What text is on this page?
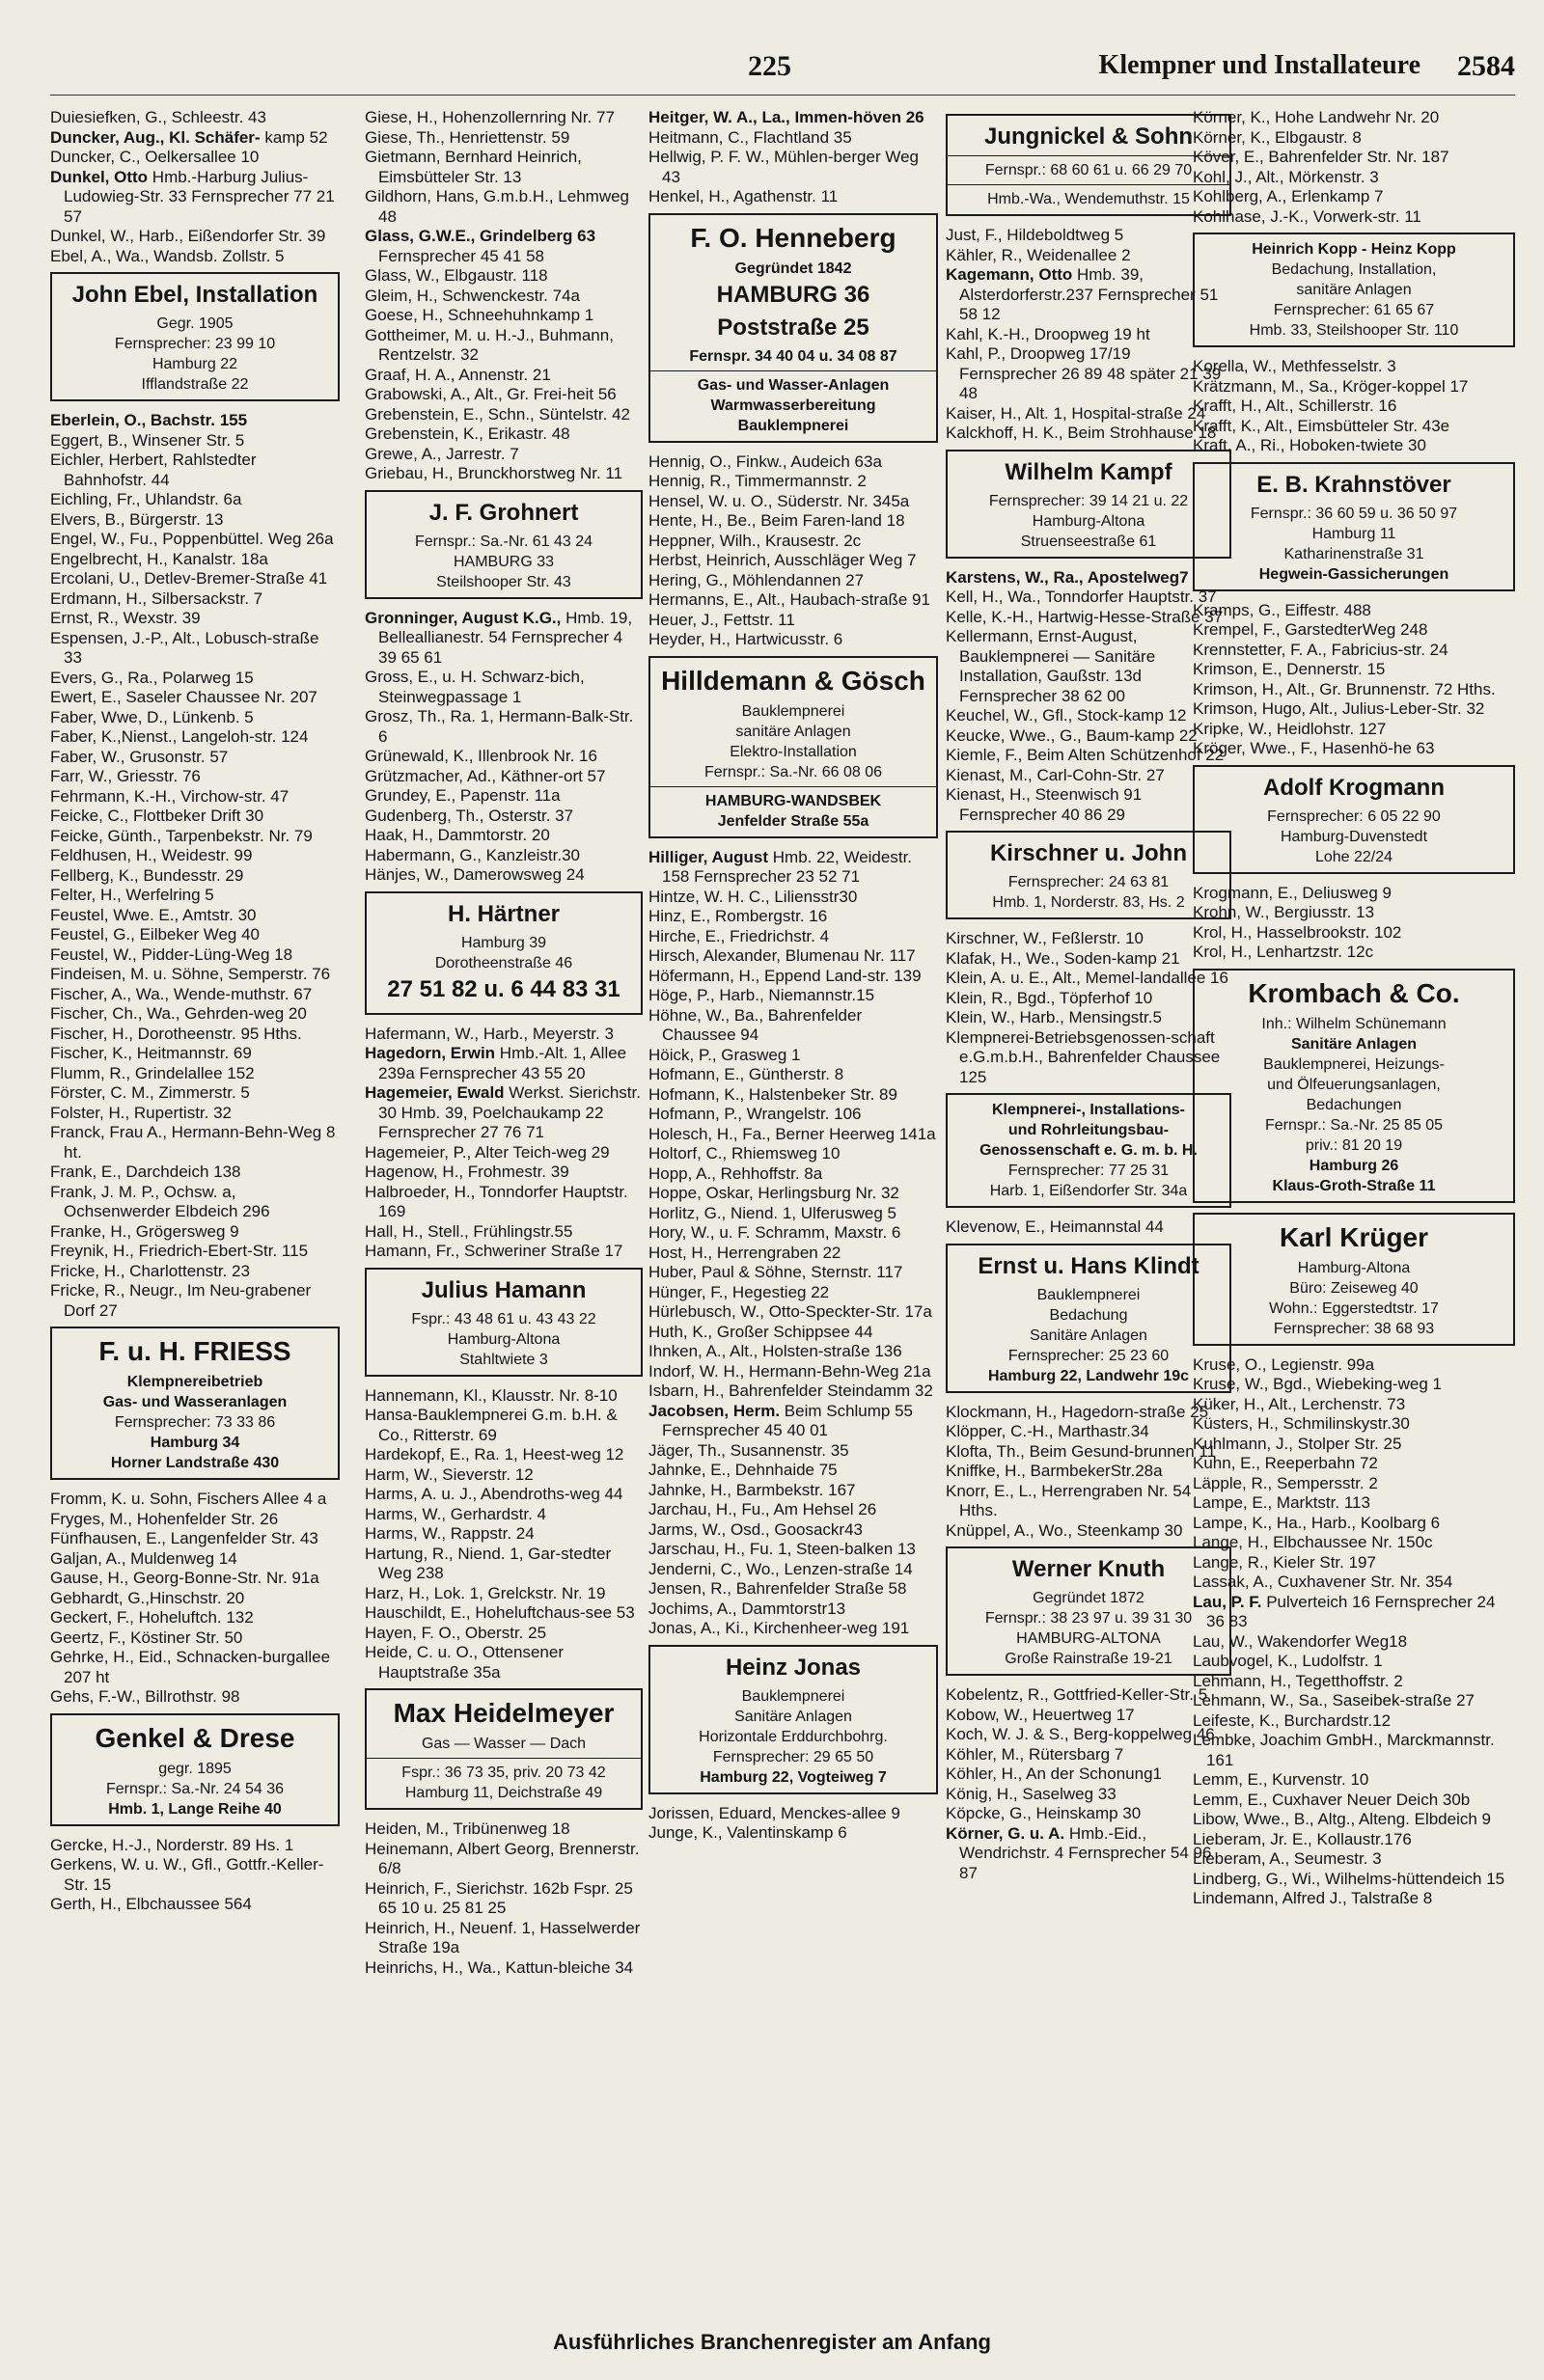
225	Klempner und Installateure 2584

Duiesiefken, G., Schleestr. 43

Duncker, Aug., Kl. Schäfer- kamp 52

Duncker, C., Oelkersallee 10

Dunkel, Otto Hmb.-Harburg Julius-Ludowieg-Str. 33 Fernsprecher 77 21 57

Dunkel, W., Harb., Eißendorfer Str. 39

Ebel, A., Wa., Wandsb. Zollstr. 5

John Ebel, Installation
Gegr. 1905
Fernsprecher: 23 99 10
Hamburg 22
Ifflandstraße 22

Eberlein, O., Bachstr. 155

Eggert, B., Winsener Str. 5

Eichler, Herbert, Rahlstedter Bahnhofstr. 44

Eichling, Fr., Uhlandstr. 6a

Elvers, B., Bürgerstr. 13

Engel, W., Fu., Poppenbüttel. Weg 26a

Engelbrecht, H., Kanalstr. 18a

Ercolani, U., Detlev-Bremer-Straße 41

Erdmann, H., Silbersackstr. 7

Ernst, R., Wexstr. 39

Espensen, J.-P., Alt., Lobusch-straße 33

Evers, G., Ra., Polarweg 15

Ewert, E., Saseler Chaussee Nr. 207

Faber, Wwe, D., Lünkenb. 5

Faber, K.,Nienst., Langeloh-str. 124

Faber, W., Grusonstr. 57

Farr, W., Griesstr. 76

Fehrmann, K.-H., Virchow-str. 47

Feicke, C., Flottbeker Drift 30

Feicke, Günth., Tarpenbekstr. Nr. 79

Feldhusen, H., Weidestr. 99

Fellberg, K., Bundesstr. 29

Felter, H., Werfelring 5

Feustel, Wwe. E., Amtstr. 30

Feustel, G., Eilbeker Weg 40

Feustel, W., Pidder-Lüng-Weg 18

Findeisen, M. u. Söhne, Semperstr. 76

Fischer, A., Wa., Wende-muthstr. 67

Fischer, Ch., Wa., Gehrden-weg 20

Fischer, H., Dorotheenstr. 95 Hths.

Fischer, K., Heitmannstr. 69

Flumm, R., Grindelallee 152

Förster, C. M., Zimmerstr. 5

Folster, H., Rupertistr. 32

Franck, Frau A., Hermann-Behn-Weg 8 ht.

Frank, E., Darchdeich 138

Frank, J. M. P., Ochsw. a, Ochsenwerder Elbdeich 296

Franke, H., Grögersweg 9

Freynik, H., Friedrich-Ebert-Str. 115

Fricke, H., Charlottenstr. 23

Fricke, R., Neugr., Im Neu-grabener Dorf 27

F. u. H. FRIESS
Klempnereibetrieb
Gas- und Wasseranlagen
Fernsprecher: 73 33 86
Hamburg 34
Horner Landstraße 430

Fromm, K. u. Sohn, Fischers Allee 4 a

Fryges, M., Hohenfelder Str. 26

Fünfhausen, E., Langenfelder Str. 43

Galjan, A., Muldenweg 14

Gause, H., Georg-Bonne-Str. Nr. 91a

Gebhardt, G.,Hinschstr. 20

Geckert, F., Hoheluftch. 132

Geertz, F., Köstiner Str. 50

Gehrke, H., Eid., Schnacken-burgallee 207 ht

Gehs, F.-W., Billrothstr. 98

Genkel & Drese
gegr. 1895
Fernspr.: Sa.-Nr. 24 54 36
Hmb. 1, Lange Reihe 40

Gercke, H.-J., Norderstr. 89 Hs. 1

Gerkens, W. u. W., Gfl., Gottfr.-Keller-Str. 15

Gerth, H., Elbchaussee 564

Giese, H., Hohenzollernring Nr. 77

Giese, Th., Henriettenstr. 59

Gietmann, Bernhard Heinrich, Eimsbütteler Str. 13

Gildhorn, Hans, G.m.b.H., Lehmweg 48

Glass, G.W.E., Grindelberg 63 Fernsprecher 45 41 58

Glass, W., Elbgaustr. 118

Gleim, H., Schwenckestr. 74a

Goese, H., Schneehuhnkamp 1

Gottheimer, M. u. H.-J., Buhmann, Rentzelstr. 32

Graaf, H. A., Annenstr. 21

Grabowski, A., Alt., Gr. Frei-heit 56

Grebenstein, E., Schn., Süntelstr. 42

Grebenstein, K., Erikastr. 48

Grewe, A., Jarrestr. 7

Griebau, H., Brunckhorstweg Nr. 11

J. F. Grohnert
Fernspr.: Sa.-Nr. 61 43 24
HAMBURG 33
Steilshooper Str. 43

Gronninger, August K.G., Hmb. 19, Belleallianestr. 54 Fernsprecher 4 39 65 61

Gross, E., u. H. Schwarz-bich, Steinwegpassage 1

Grosz, Th., Ra. 1, Hermann-Balk-Str. 6

Grünewald, K., Illenbrook Nr. 16

Grützmacher, Ad., Käthner-ort 57

Grundey, E., Papenstr. 11a

Gudenberg, Th., Osterstr. 37

Haak, H., Dammtorstr. 20

Habermann, G., Kanzleistr.30

Hänjes, W., Damerowsweg 24

H. Härtner
Hamburg 39
Dorotheenstraße 46
27 51 82 u. 6 44 83 31

Hafermann, W., Harb., Meyerstr. 3

Hagedorn, Erwin Hmb.-Alt. 1, Allee 239a Fernsprecher 43 55 20

Hagemeier, Ewald Werkst. Sierichstr. 30 Hmb. 39, Poelchaukamp 22 Fernsprecher 27 76 71

Hagemeier, P., Alter Teich-weg 29

Hagenow, H., Frohmestr. 39

Halbroeder, H., Tonndorfer Hauptstr. 169

Hall, H., Stell., Frühlingstr.55

Hamann, Fr., Schweriner Straße 17

Julius Hamann
Fspr.: 43 48 61 u. 43 43 22
Hamburg-Altona
Stahltwiete 3

Hannemann, Kl., Klausstr. Nr. 8-10

Hansa-Bauklempnerei G.m. b.H. & Co., Ritterstr. 69

Hardekopf, E., Ra. 1, Heest-weg 12

Harm, W., Sieverstr. 12

Harms, A. u. J., Abendroths-weg 44

Harms, W., Gerhardstr. 4

Harms, W., Rappstr. 24

Hartung, R., Niend. 1, Gar-stedter Weg 238

Harz, H., Lok. 1, Grelckstr. Nr. 19

Hauschildt, E., Hoheluftchaus-see 53

Hayen, F. O., Oberstr. 25

Heide, C. u. O., Ottensener Hauptstraße 35a

Max Heidelmeyer
Gas — Wasser — Dach
Fspr.: 36 73 35, priv. 20 73 42
Hamburg 11, Deichstraße 49

Heiden, M., Tribünenweg 18

Heinemann, Albert Georg, Brennerstr. 6/8

Heinrich, F., Sierichstr. 162b Fspr. 25 65 10 u. 25 81 25

Heinrich, H., Neuenf. 1, Hasselwerder Straße 19a

Heinrichs, H., Wa., Kattun-bleiche 34

Heitger, W. A., La., Immen-höven 26

Heitmann, C., Flachtland 35

Hellwig, P. F. W., Mühlen-berger Weg 43

Henkel, H., Agathenstr. 11

F. O. Henneberg
Gegründet 1842
HAMBURG 36
Poststraße 25
Fernspr. 34 40 04 u. 34 08 87
Gas- und Wasser-Anlagen
Warmwasserbereitung
Bauklempnerei

Hennig, O., Finkw., Audeich 63a

Hennig, R., Timmermannstr. 2

Hensel, W. u. O., Süderstr. Nr. 345a

Hente, H., Be., Beim Faren-land 18

Heppner, Wilh., Krausestr. 2c

Herbst, Heinrich, Ausschläger Weg 7

Hering, G., Möhlendannen 27

Hermanns, E., Alt., Haubach-straße 91

Heuer, J., Fettstr. 11

Heyder, H., Hartwicusstr. 6

Hilldemann & Gösch
Bauklempnerei
sanitäre Anlagen
Elektro-Installation
Fernspr.: Sa.-Nr. 66 08 06
HAMBURG-WANDSBEK
Jenfelder Straße 55a

Hilliger, August Hmb. 22, Weidestr. 158 Fernsprecher 23 52 71

Hintze, W. H. C., Liliensstr30

Hinz, E., Rombergstr. 16

Hirche, E., Friedrichstr. 4

Hirsch, Alexander, Blumenau Nr. 117

Höfermann, H., Eppend Land-str. 139

Höge, P., Harb., Niemannstr.15

Höhne, W., Ba., Bahrenfelder Chaussee 94

Höick, P., Grasweg 1

Hofmann, E., Güntherstr. 8

Hofmann, K., Halstenbeker Str. 89

Hofmann, P., Wrangelstr. 106

Holesch, H., Fa., Berner Heerweg 141a

Holtorf, C., Rhiemsweg 10

Hopp, A., Rehhoffstr. 8a

Hoppe, Oskar, Herlingsburg Nr. 32

Horlitz, G., Niend. 1, Ulferusweg 5

Hory, W., u. F. Schramm, Maxstr. 6

Host, H., Herrengraben 22

Huber, Paul & Söhne, Sternstr. 117

Hünger, F., Hegestieg 22

Hürlebusch, W., Otto-Speckter-Str. 17a

Huth, K., Großer Schippsee 44

Ihnken, A., Alt., Holsten-straße 136

Indorf, W. H., Hermann-Behn-Weg 21a

Isbarn, H., Bahrenfelder Steindamm 32

Jacobsen, Herm. Beim Schlump 55 Fernsprecher 45 40 01

Jäger, Th., Susannenstr. 35

Jahnke, E., Dehnhaide 75

Jahnke, H., Barmbekstr. 167

Jarchau, H., Fu., Am Hehsel 26

Jarms, W., Osd., Goosackr43

Jarschau, H., Fu. 1, Steen-balken 13

Jenderni, C., Wo., Lenzen-straße 14

Jensen, R., Bahrenfelder Straße 58

Jochims, A., Dammtorstr13

Jonas, A., Ki., Kirchenheer-weg 191

Heinz Jonas
Bauklempnerei
Sanitäre Anlagen
Horizontale Erddurchbohrg.
Fernsprecher: 29 65 50
Hamburg 22, Vogteiweg 7

Jorissen, Eduard, Menckes-allee 9

Junge, K., Valentinskamp 6

Jungnickel & Sohn
Fernspr.: 68 60 61 u. 66 29 70
Hmb.-Wa., Wendemuthstr. 15

Just, F., Hildeboldtweg 5

Kähler, R., Weidenallee 2

Kagemann, Otto Hmb. 39, Alsterdorferstr.237 Fernsprecher 51 58 12

Kahl, K.-H., Droopweg 19 ht

Kahl, P., Droopweg 17/19 Fernsprecher 26 89 48 später 21 39 48

Kaiser, H., Alt. 1, Hospital-straße 24

Kalckhoff, H. K., Beim Strohhause 18

Wilhelm Kampf
Fernsprecher: 39 14 21 u. 22
Hamburg-Altona
Struenseestraße 61

Karstens, W., Ra., Apostelweg7

Kell, H., Wa., Tonndorfer Hauptstr. 37

Kelle, K.-H., Hartwig-Hesse-Straße 37

Kellermann, Ernst-August, Bauklempnerei — Sanitäre Installation, Gaußstr. 13d Fernsprecher 38 62 00

Keuchel, W., Gfl., Stock-kamp 12

Keucke, Wwe., G., Baum-kamp 22

Kiemle, F., Beim Alten Schützenhof 22

Kienast, M., Carl-Cohn-Str. 27

Kienast, H., Steenwisch 91 Fernsprecher 40 86 29

Kirschner u. John
Fernsprecher: 24 63 81
Hmb. 1, Norderstr. 83, Hs. 2

Kirschner, W., Feßlerstr. 10

Klafak, H., We., Soden-kamp 21

Klein, A. u. E., Alt., Memel-landallee 16

Klein, R., Bgd., Töpferhof 10

Klein, W., Harb., Mensingstr.5

Klempnerei-Betriebsgenossen-schaft e.G.m.b.H., Bahrenfelder Chaussee 125

Klempnerei-, Installations-
und Rohrleitungsbau-
Genossenschaft e. G. m. b. H.
Fernsprecher: 77 25 31
Harb. 1, Eißendorfer Str. 34a

Klevenow, E., Heimannstal 44

Ernst u. Hans Klindt
Bauklempnerei
Bedachung
Sanitäre Anlagen
Fernsprecher: 25 23 60
Hamburg 22, Landwehr 19c

Klockmann, H., Hagedorn-straße 25

Klöpper, C.-H., Marthastr.34

Klofta, Th., Beim Gesund-brunnen 11

Kniffke, H., BarmbekerStr.28a

Knorr, E., L., Herrengraben Nr. 54 Hths.

Knüppel, A., Wo., Steenkamp 30

Werner Knuth
Gegründet 1872
Fernspr.: 38 23 97 u. 39 31 30
HAMBURG-ALTONA
Große Rainstraße 19-21

Kobelentz, R., Gottfried-Keller-Str. 5

Kobow, W., Heuertweg 17

Koch, W. J. & S., Berg-koppelweg 46

Köhler, M., Rütersbarg 7

Köhler, H., An der Schonung1

König, H., Saselweg 33

Köpcke, G., Heinskamp 30

Körner, G. u. A. Hmb.-Eid., Wendrichstr. 4 Fernsprecher 54 96 87

Körner, K., Hohe Landwehr Nr. 20

Körner, K., Elbgaustr. 8

Köver, E., Bahrenfelder Str. Nr. 187

Kohl, J., Alt., Mörkenstr. 3

Kohlberg, A., Erlenkamp 7

Kohlhase, J.-K., Vorwerk-str. 11

Heinrich Kopp - Heinz Kopp
Bedachung, Installation,
sanitäre Anlagen
Fernsprecher: 61 65 67
Hmb. 33, Steilshooper Str. 110

Korella, W., Methfesselstr. 3

Krätzmann, M., Sa., Kröger-koppel 17

Krafft, H., Alt., Schillerstr. 16

Krafft, K., Alt., Eimsbütteler Str. 43e

Kraft, A., Ri., Hoboken-twiete 30

E. B. Krahnstöver
Fernspr.: 36 60 59 u. 36 50 97
Hamburg 11
Katharinenstraße 31
Hegwein-Gassicherungen

Kramps, G., Eiffestr. 488

Krempel, F., GarstedterWeg 248

Krennstetter, F. A., Fabricius-str. 24

Krimson, E., Dennerstr. 15

Krimson, H., Alt., Gr. Brunnenstr. 72 Hths.

Krimson, Hugo, Alt., Julius-Leber-Str. 32

Kripke, W., Heidlohstr. 127

Kröger, Wwe., F., Hasenhö-he 63

Adolf Krogmann
Fernsprecher: 6 05 22 90
Hamburg-Duvenstedt
Lohe 22/24

Krogmann, E., Deliusweg 9

Krohn, W., Bergiusstr. 13

Krol, H., Hasselbrookstr. 102

Krol, H., Lenhartzstr. 12c

Krombach & Co.
Inh.: Wilhelm Schünemann
Sanitäre Anlagen
Bauklempnerei, Heizungs-
und Ölfeuerungsanlagen,
Bedachungen
Fernspr.: Sa.-Nr. 25 85 05
priv.: 81 20 19
Hamburg 26
Klaus-Groth-Straße 11
Karl Krüger
Hamburg-Altona
Büro: Zeiseweg 40
Wohn.: Eggerstedtstr. 17
Fernsprecher: 38 68 93

Kruse, O., Legienstr. 99a

Kruse, W., Bgd., Wiebeking-weg 1

Küker, H., Alt., Lerchenstr. 73

Küsters, H., Schmilinskystr.30

Kuhlmann, J., Stolper Str. 25

Kuhn, E., Reeperbahn 72

Läpple, R., Sempersstr. 2

Lampe, E., Marktstr. 113

Lampe, K., Ha., Harb., Koolbarg 6

Lange, H., Elbchaussee Nr. 150c

Lange, R., Kieler Str. 197

Lassak, A., Cuxhavener Str. Nr. 354

Lau, P. F. Pulverteich 16 Fernsprecher 24 36 83

Lau, W., Wakendorfer Weg18

Laubvogel, K., Ludolfstr. 1

Lehmann, H., Tegetthoffstr. 2

Lehmann, W., Sa., Saseibek-straße 27

Leifeste, K., Burchardstr.12

Lembke, Joachim GmbH., Marckmannstr. 161

Lemm, E., Kurvenstr. 10

Lemm, E., Cuxhaver Neuer Deich 30b

Libow, Wwe., B., Altg., Alteng. Elbdeich 9

Lieberam, Jr. E., Kollaustr.176

Lieberam, A., Seumestr. 3

Lindberg, G., Wi., Wilhelms-hüttendeich 15

Lindemann, Alfred J., Talstraße 8

Ausführliches Branchenregister am Anfang
